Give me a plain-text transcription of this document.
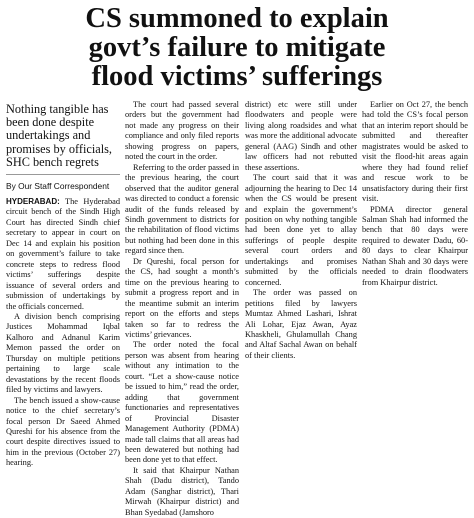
CS summoned to explain
govt’s failure to mitigate
flood victims’ sufferings
Nothing tangible has been done despite undertakings and promises by officials, SHC bench regrets
By Our Staff Correspondent

HYDERABAD: The Hyderabad circuit bench of the Sindh High Court has directed Sindh chief secretary to appear in court on Dec 14 and explain his position on government’s failure to take concrete steps to redress flood victims’ sufferings despite issuance of several orders and submission of undertakings by the officials concerned.

A division bench comprising Justices Mohammad Iqbal Kalhoro and Adnanul Karim Memon passed the order on Thursday on multiple petitions pertaining to large scale devastations by the recent floods filed by victims and lawyers.

The bench issued a show-cause notice to the chief secretary’s focal person Dr Saeed Ahmed Qureshi for his absence from the court despite directives issued to him in the previous (October 27) hearing.

The court had passed several orders but the government had not made any progress on their compliance and only filed reports showing progress on papers, noted the court in the order.

Referring to the order passed in the previous hearing, the court observed that the auditor general was directed to conduct a forensic audit of the funds released by Sindh government to districts for the rehabilitation of flood victims but nothing had been done in this regard since then.

Dr Qureshi, focal person for the CS, had sought a month’s time on the previous hearing to submit a progress report and in the meantime submit an interim report on the efforts and steps taken so far to redress the victims’ grievances.

The order noted the focal person was absent from hearing without any intimation to the court. “Let a show-cause notice be issued to him,” read the order, adding that government functionaries and representatives of Provincial Disaster Management Authority (PDMA) made tall claims that all areas had been dewatered but nothing had been done yet to that effect.

It said that Khairpur Nathan Shah (Dadu district), Tando Adam (Sanghar district), Thari Mirwah (Khairpur district) and Bhan Syedabad (Jamshoro

district) etc were still under floodwaters and people were living along roadsides and what was more the additional advocate general (AAG) Sindh and other law officers had not rebutted these assertions.

The court said that it was adjourning the hearing to Dec 14 when the CS would be present and explain the government’s position on why nothing tangible had been done yet to allay sufferings of people despite several court orders and undertakings and promises submitted by the officials concerned.

The order was passed on petitions filed by lawyers Mumtaz Ahmed Lashari, Ishrat Ali Lohar, Ejaz Awan, Ayaz Khaskheli, Ghulamullah Chang and Altaf Sachal Awan on behalf of their clients.

Earlier on Oct 27, the bench had told the CS’s focal person that an interim report should be submitted and thereafter magistrates would be asked to visit the flood-hit areas again where they had found relief and rescue work to be unsatisfactory during their first visit.

PDMA director general Salman Shah had informed the bench that 80 days were required to dewater Dadu, 60-80 days to clear Khairpur Nathan Shah and 30 days were needed to drain floodwaters from Khairpur district.
